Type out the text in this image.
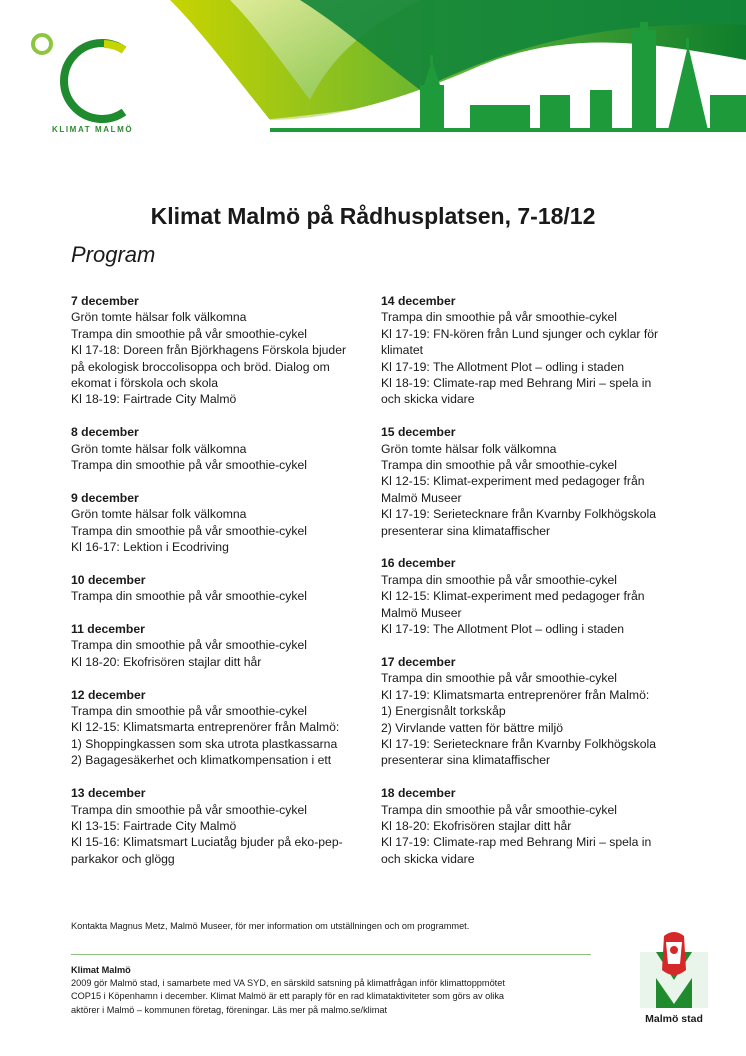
KLIMAT MALMÖ
Klimat Malmö på Rådhusplatsen, 7-18/12
Program
7 december
Grön tomte hälsar folk välkomna
Trampa din smoothie på vår smoothie-cykel
Kl 17-18: Doreen från Björkhagens Förskola bjuder
på ekologisk broccolisoppa och bröd. Dialog om
ekomat i förskola och skola
Kl 18-19: Fairtrade City Malmö
8 december
Grön tomte hälsar folk välkomna
Trampa din smoothie på vår smoothie-cykel
9 december
Grön tomte hälsar folk välkomna
Trampa din smoothie på vår smoothie-cykel
Kl 16-17: Lektion i Ecodriving
10 december
Trampa din smoothie på vår smoothie-cykel
11 december
Trampa din smoothie på vår smoothie-cykel
Kl 18-20: Ekofrisören stajlar ditt hår
12 december
Trampa din smoothie på vår smoothie-cykel
Kl 12-15: Klimatsmarta entreprenörer från Malmö:
1) Shoppingkassen som ska utrota plastkassarna
2) Bagagesäkerhet och klimatkompensation i ett
13 december
Trampa din smoothie på vår smoothie-cykel
Kl 13-15: Fairtrade City Malmö
Kl 15-16: Klimatsmart Luciatåg bjuder på eko-pep-
parkakor och glögg
14 december
Trampa din smoothie på vår smoothie-cykel
Kl 17-19: FN-kören från Lund sjunger och cyklar för
klimatet
Kl 17-19: The Allotment Plot – odling i staden
Kl 18-19: Climate-rap med Behrang Miri – spela in
och skicka vidare
15 december
Grön tomte hälsar folk välkomna
Trampa din smoothie på vår smoothie-cykel
Kl 12-15: Klimat-experiment med pedagoger från
Malmö Museer
Kl 17-19: Serietecknare från Kvarnby Folkhögskola
presenterar sina klimataffischer
16 december
Trampa din smoothie på vår smoothie-cykel
Kl 12-15: Klimat-experiment med pedagoger från
Malmö Museer
Kl 17-19: The Allotment Plot – odling i staden
17 december
Trampa din smoothie på vår smoothie-cykel
Kl 17-19: Klimatsmarta entreprenörer från Malmö:
1) Energisnålt torkskåp
2) Virvlande vatten för bättre miljö
Kl 17-19: Serietecknare från Kvarnby Folkhögskola
presenterar sina klimataffischer
18 december
Trampa din smoothie på vår smoothie-cykel
Kl 18-20: Ekofrisören stajlar ditt hår
Kl 17-19: Climate-rap med Behrang Miri – spela in
och skicka vidare
Kontakta Magnus Metz, Malmö Museer, för mer information om utställningen och om programmet.
Klimat Malmö
2009 gör Malmö stad, i samarbete med VA SYD, en särskild satsning på klimatfrågan inför klimattoppmötet
COP15 i Köpenhamn i december. Klimat Malmö är ett paraply för en rad klimataktiviteter som görs av olika
aktörer i Malmö – kommunen företag, föreningar. Läs mer på malmo.se/klimat
Malmö stad
